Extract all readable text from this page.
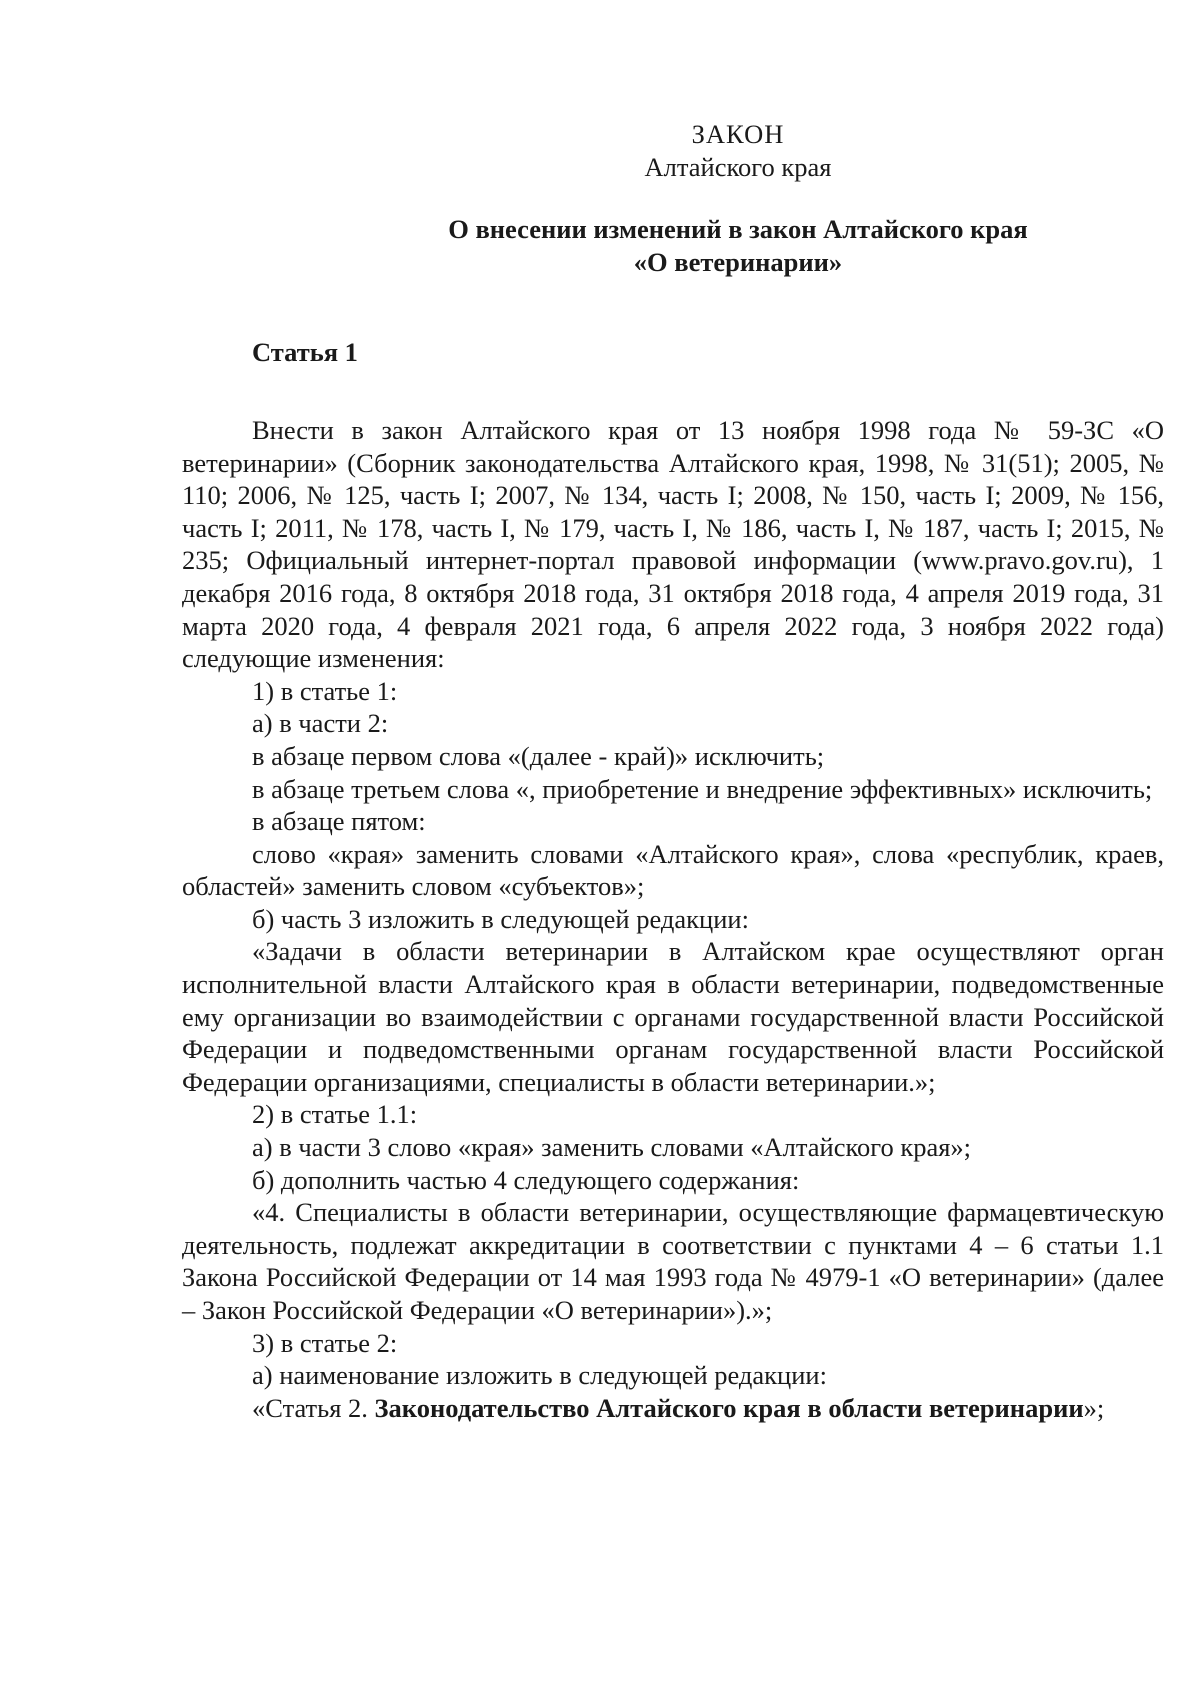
ЗАКОН

Алтайского края

О внесении изменений в закон Алтайского края

«О ветеринарии»

Статья 1

Внести в закон Алтайского края от 13 ноября 1998 года № 59-ЗС «О ветеринарии» (Сборник законодательства Алтайского края, 1998, № 31(51); 2005, № 110; 2006, № 125, часть I; 2007, № 134, часть I; 2008, № 150, часть I; 2009, № 156, часть I; 2011, № 178, часть I, № 179, часть I, № 186, часть I, № 187, часть I; 2015, № 235; Официальный интернет-портал правовой информации (www.pravo.gov.ru), 1 декабря 2016 года, 8 октября 2018 года, 31 октября 2018 года, 4 апреля 2019 года, 31 марта 2020 года, 4 февраля 2021 года, 6 апреля 2022 года, 3 ноября 2022 года) следующие изменения:

1) в статье 1:

а) в части 2:

в абзаце первом слова «(далее - край)» исключить;

в абзаце третьем слова «, приобретение и внедрение эффективных» исключить;

в абзаце пятом:

слово «края» заменить словами «Алтайского края», слова «республик, краев, областей» заменить словом «субъектов»;

б) часть 3 изложить в следующей редакции:

«Задачи в области ветеринарии в Алтайском крае осуществляют орган исполнительной власти Алтайского края в области ветеринарии, подведомственные ему организации во взаимодействии с органами государственной власти Российской Федерации и подведомственными органам государственной власти Российской Федерации организациями, специалисты в области ветеринарии.»;

2) в статье 1.1:

а) в части 3 слово «края» заменить словами «Алтайского края»;

б) дополнить частью 4 следующего содержания:

«4. Специалисты в области ветеринарии, осуществляющие фармацевтическую деятельность, подлежат аккредитации в соответствии с пунктами 4 – 6 статьи 1.1 Закона Российской Федерации от 14 мая 1993 года № 4979-1 «О ветеринарии» (далее – Закон Российской Федерации «О ветеринарии»).»;

3) в статье 2:

а) наименование изложить в следующей редакции:

«Статья 2. Законодательство Алтайского края в области ветеринарии»;
